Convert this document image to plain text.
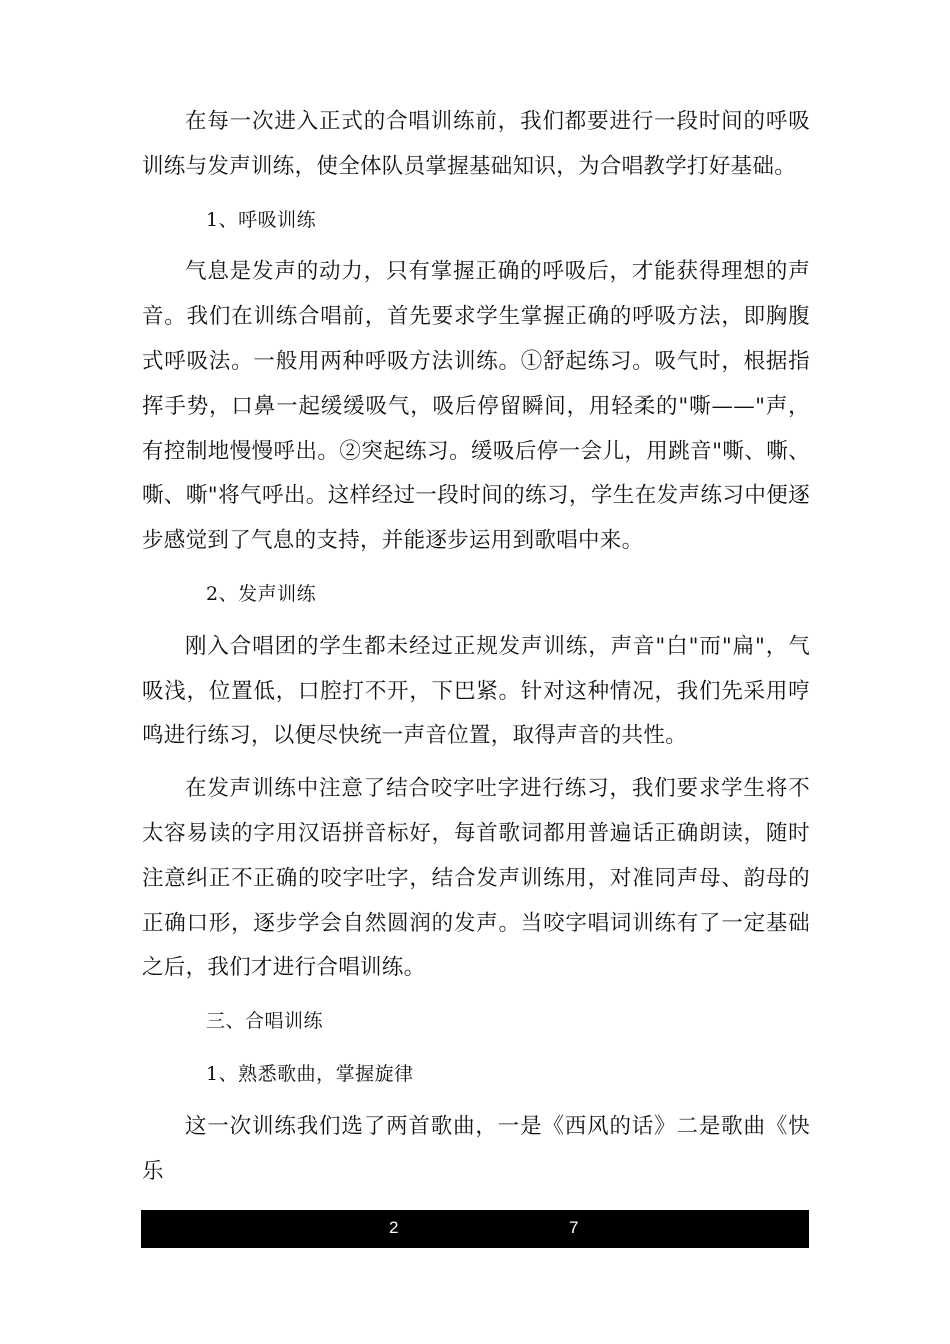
在每一次进入正式的合唱训练前，我们都要进行一段时间的呼吸训练与发声训练，使全体队员掌握基础知识，为合唱教学打好基础。

1、呼吸训练

气息是发声的动力，只有掌握正确的呼吸后，才能获得理想的声音。我们在训练合唱前，首先要求学生掌握正确的呼吸方法，即胸腹式呼吸法。一般用两种呼吸方法训练。①舒起练习。吸气时，根据指挥手势，口鼻一起缓缓吸气，吸后停留瞬间，用轻柔的"嘶——"声，有控制地慢慢呼出。②突起练习。缓吸后停一会儿，用跳音"嘶、嘶、嘶、嘶"将气呼出。这样经过一段时间的练习，学生在发声练习中便逐步感觉到了气息的支持，并能逐步运用到歌唱中来。

2、发声训练

刚入合唱团的学生都未经过正规发声训练，声音"白"而"扁"，气吸浅，位置低，口腔打不开，下巴紧。针对这种情况，我们先采用哼鸣进行练习，以便尽快统一声音位置，取得声音的共性。

在发声训练中注意了结合咬字吐字进行练习，我们要求学生将不太容易读的字用汉语拼音标好，每首歌词都用普遍话正确朗读，随时注意纠正不正确的咬字吐字，结合发声训练用，对准同声母、韵母的正确口形，逐步学会自然圆润的发声。当咬字唱词训练有了一定基础之后，我们才进行合唱训练。

三、合唱训练

1、熟悉歌曲，掌握旋律

这一次训练我们选了两首歌曲，一是《西风的话》二是歌曲《快乐

2	7
